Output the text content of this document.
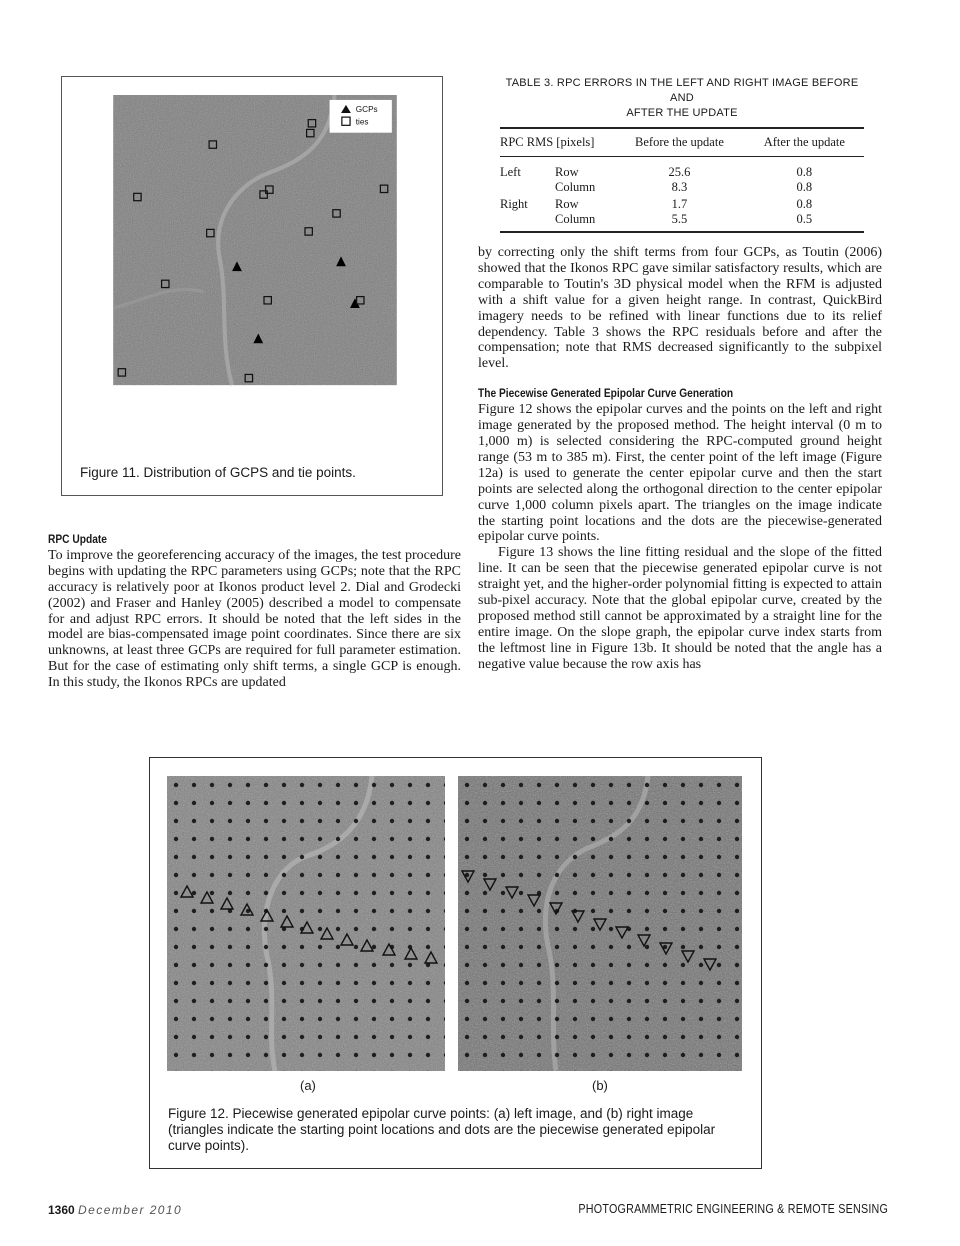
GCPs
ties
Figure 11. Distribution of GCPS and tie points.
TABLE 3. RPC ERRORS IN THE LEFT AND RIGHT IMAGE BEFORE AND
AFTER THE UPDATE
RPC RMS [pixels]		Before the update	After the update
Left	Row	25.6	0.8
	Column	8.3	0.8
Right	Row	1.7	0.8
	Column	5.5	0.5
RPC Update

To improve the georeferencing accuracy of the images, the test procedure begins with updating the RPC parameters using GCPs; note that the RPC accuracy is relatively poor at Ikonos product level 2. Dial and Grodecki (2002) and Fraser and Hanley (2005) described a model to compensate for and adjust RPC errors. It should be noted that the left sides in the model are bias-compensated image point coordinates. Since there are six unknowns, at least three GCPs are required for full parameter estimation. But for the case of estimating only shift terms, a single GCP is enough. In this study, the Ikonos RPCs are updated

by correcting only the shift terms from four GCPs, as Toutin (2006) showed that the Ikonos RPC gave similar satisfactory results, which are comparable to Toutin's 3D physical model when the RFM is adjusted with a shift value for a given height range. In contrast, QuickBird imagery needs to be refined with linear functions due to its relief dependency. Table 3 shows the RPC residuals before and after the compensation; note that RMS decreased significantly to the subpixel level.

The Piecewise Generated Epipolar Curve Generation

Figure 12 shows the epipolar curves and the points on the left and right image generated by the proposed method. The height interval (0 m to 1,000 m) is selected considering the RPC-computed ground height range (53 m to 385 m). First, the center point of the left image (Figure 12a) is used to generate the center epipolar curve and then the start points are selected along the orthogonal direction to the center epipolar curve 1,000 column pixels apart. The triangles on the image indicate the starting point locations and the dots are the piecewise-generated epipolar curve points.

Figure 13 shows the line fitting residual and the slope of the fitted line. It can be seen that the piecewise generated epipolar curve is not straight yet, and the higher-order polynomial fitting is expected to attain sub-pixel accuracy. Note that the global epipolar curve, created by the proposed method still cannot be approximated by a straight line for the entire image. On the slope graph, the epipolar curve index starts from the leftmost line in Figure 13b. It should be noted that the angle has a negative value because the row axis has

(a)	(b)
Figure 12. Piecewise generated epipolar curve points: (a) left image, and (b) right image (triangles indicate the starting point locations and dots are the piecewise generated epipolar curve points).
1360 December 2010	PHOTOGRAMMETRIC ENGINEERING & REMOTE SENSING
